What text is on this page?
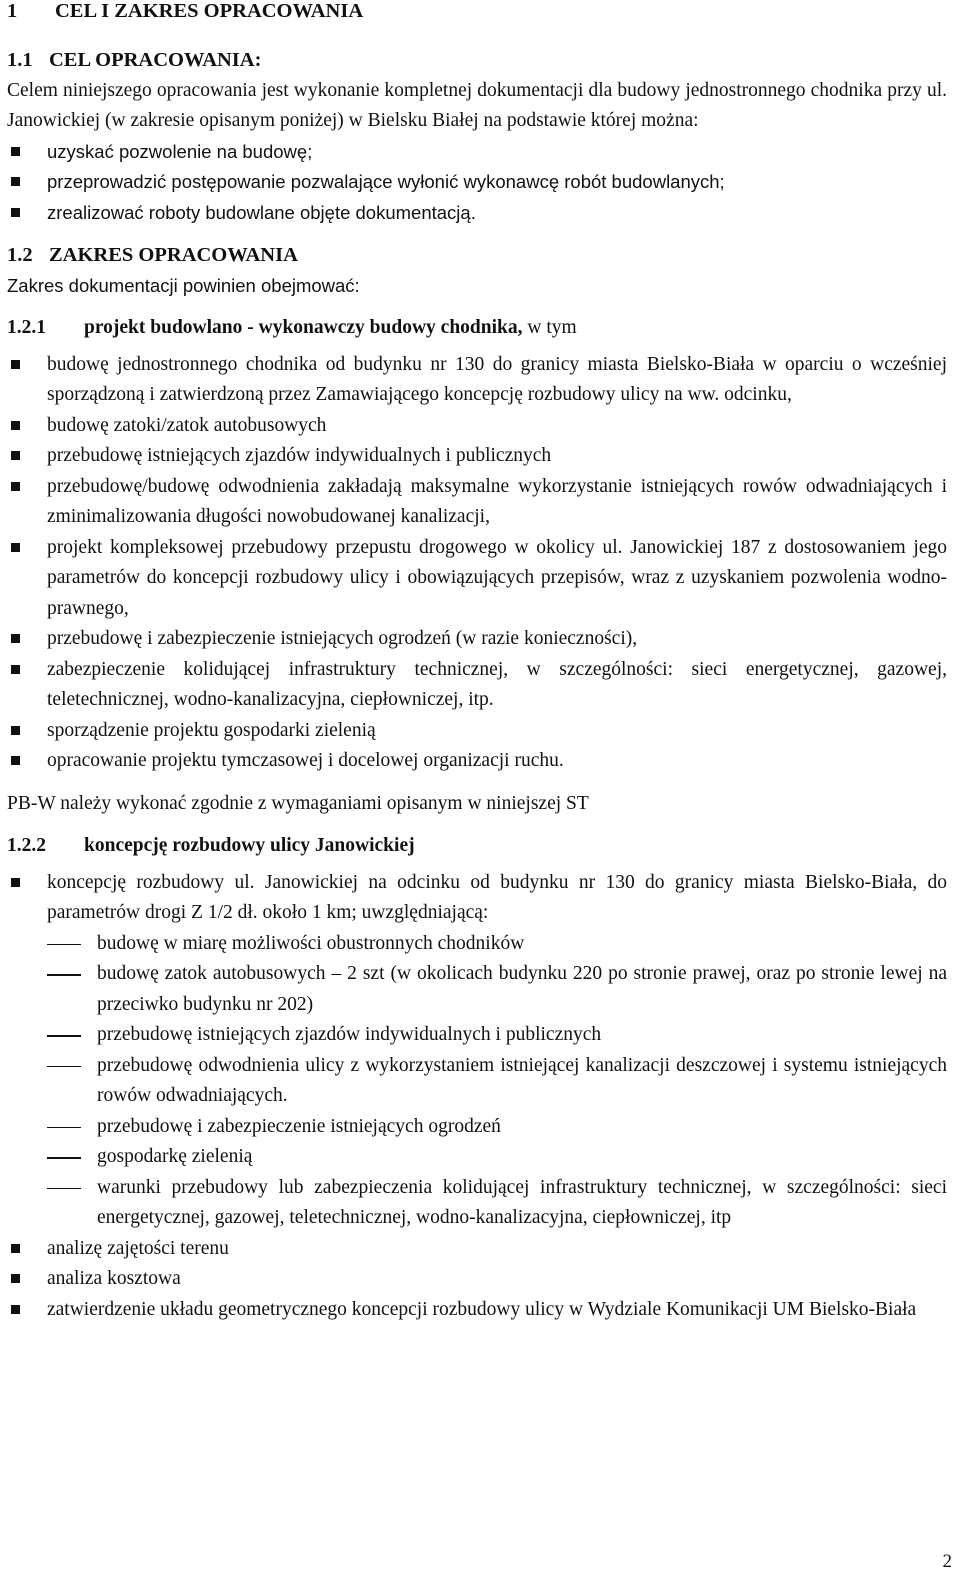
1	CEL I ZAKRES OPRACOWANIA
1.1 CEL OPRACOWANIA:

Celem niniejszego opracowania jest wykonanie kompletnej dokumentacji dla budowy jednostronnego chodnika przy ul. Janowickiej (w zakresie opisanym poniżej) w Bielsku Białej na podstawie której można:

uzyskać pozwolenie na budowę;

przeprowadzić postępowanie pozwalające wyłonić wykonawcę robót budowlanych;

zrealizować roboty budowlane objęte dokumentacją.

1.2 ZAKRES OPRACOWANIA

Zakres dokumentacji powinien obejmować:

1.2.1	projekt budowlano - wykonawczy budowy chodnika, w tym

budowę jednostronnego chodnika od budynku nr 130 do granicy miasta Bielsko-Biała w oparciu o wcześniej sporządzoną i zatwierdzoną przez Zamawiającego koncepcję rozbudowy ulicy na ww. odcinku,

budowę zatoki/zatok autobusowych

przebudowę istniejących zjazdów indywidualnych i publicznych

przebudowę/budowę odwodnienia zakładają maksymalne wykorzystanie istniejących rowów odwadniających i zminimalizowania długości nowobudowanej kanalizacji,

projekt kompleksowej przebudowy przepustu drogowego w okolicy ul. Janowickiej 187 z dostosowaniem jego parametrów do koncepcji rozbudowy ulicy i obowiązujących przepisów, wraz z uzyskaniem pozwolenia wodno-prawnego,

przebudowę i zabezpieczenie istniejących ogrodzeń (w razie konieczności),

zabezpieczenie kolidującej infrastruktury technicznej, w szczególności: sieci energetycznej, gazowej, teletechnicznej, wodno-kanalizacyjna, ciepłowniczej, itp.

sporządzenie projektu gospodarki zielenią

opracowanie projektu tymczasowej i docelowej organizacji ruchu.

PB-W należy wykonać zgodnie z wymaganiami opisanym w niniejszej ST

1.2.2	koncepcję rozbudowy ulicy Janowickiej

koncepcję rozbudowy ul. Janowickiej na odcinku od budynku nr 130 do granicy miasta Bielsko-Biała, do parametrów drogi Z 1/2 dł. około 1 km; uwzględniającą:

budowę w miarę możliwości obustronnych chodników

budowę zatok autobusowych – 2 szt (w okolicach budynku 220 po stronie prawej, oraz po stronie lewej na przeciwko budynku nr 202)

przebudowę istniejących zjazdów indywidualnych i publicznych

przebudowę odwodnienia ulicy z wykorzystaniem istniejącej kanalizacji deszczowej i systemu istniejących rowów odwadniających.

przebudowę i zabezpieczenie istniejących ogrodzeń

gospodarkę zielenią

warunki przebudowy lub zabezpieczenia kolidującej infrastruktury technicznej, w szczególności: sieci energetycznej, gazowej, teletechnicznej, wodno-kanalizacyjna, ciepłowniczej, itp

analizę zajętości terenu

analiza kosztowa

zatwierdzenie układu geometrycznego koncepcji rozbudowy ulicy w Wydziale Komunikacji UM Bielsko-Biała

2
